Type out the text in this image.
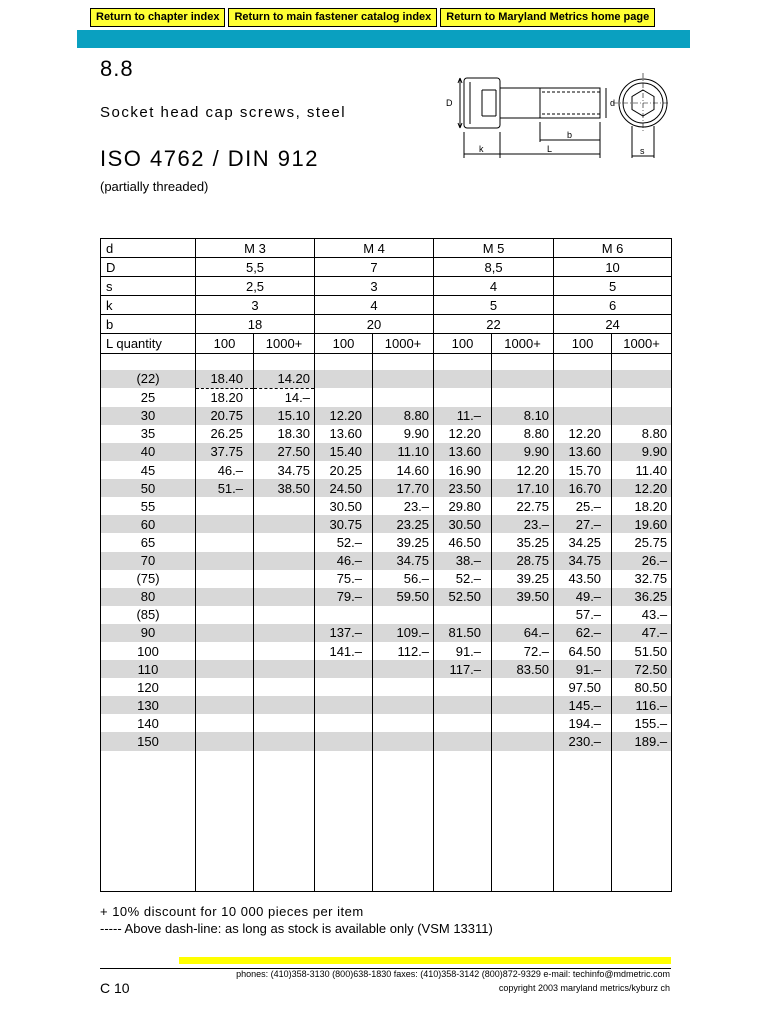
Return to chapter index	Return to main fastener catalog index	Return to Maryland Metrics home page
8.8
Socket head cap screws, steel
ISO 4762 / DIN 912
(partially threaded)
D	d
k	L
b
s
d	M 3		M 4		M 5		M 6	
D	5,5		7		8,5		10	
s	2,5		3		4		5	
k	3		4		5		6	
b	18		20		22		24	
L quantity	100	1000+	100	1000+	100	1000+	100	1000+

(22)	18.40	14.20						
25	18.20	14.–						
30	20.75	15.10	12.20	8.80	11.–	8.10		
35	26.25	18.30	13.60	9.90	12.20	8.80	12.20	8.80
40	37.75	27.50	15.40	11.10	13.60	9.90	13.60	9.90
45	46.–	34.75	20.25	14.60	16.90	12.20	15.70	11.40
50	51.–	38.50	24.50	17.70	23.50	17.10	16.70	12.20
55			30.50	23.–	29.80	22.75	25.–	18.20
60			30.75	23.25	30.50	23.–	27.–	19.60
65			52.–	39.25	46.50	35.25	34.25	25.75
70			46.–	34.75	38.–	28.75	34.75	26.–
(75)			75.–	56.–	52.–	39.25	43.50	32.75
80			79.–	59.50	52.50	39.50	49.–	36.25
(85)							57.–	43.–
90			137.–	109.–	81.50	64.–	62.–	47.–
100			141.–	112.–	91.–	72.–	64.50	51.50
110					117.–	83.50	91.–	72.50
120							97.50	80.50
130							145.–	116.–
140							194.–	155.–
150							230.–	189.–

+ 10% discount for 10 000 pieces per item
----- Above dash-line: as long as stock is available only (VSM 13311)
C 10
phones: (410)358-3130 (800)638-1830 faxes: (410)358-3142 (800)872-9329 e-mail: techinfo@mdmetric.com
copyright 2003 maryland metrics/kyburz ch
